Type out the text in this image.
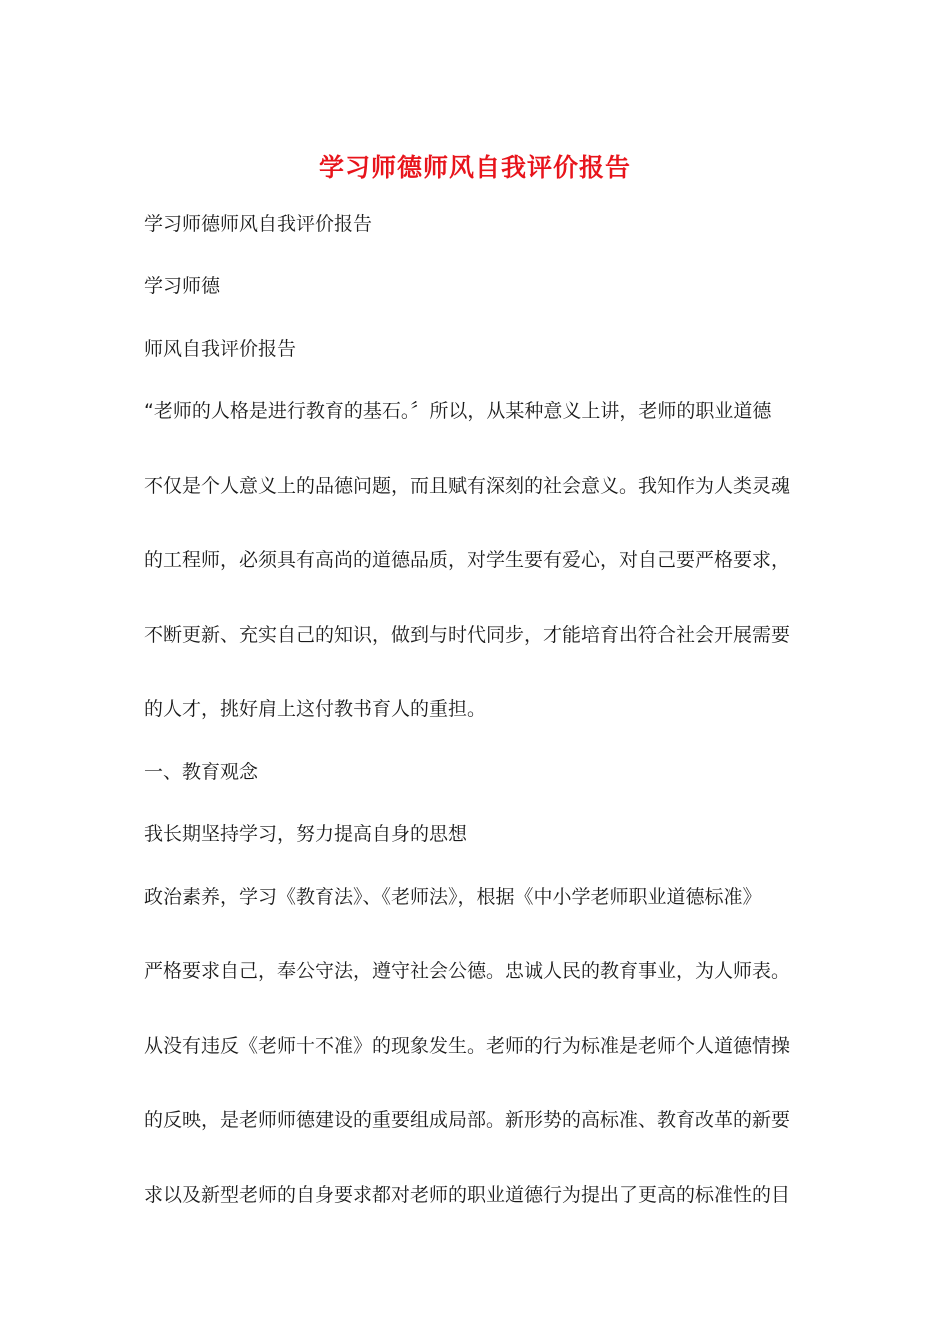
学习师德师风自我评价报告
学习师德师风自我评价报告
学习师德
师风自我评价报告
“老师的人格是进行教育的基石。〞所以，从某种意义上讲，老师的职业道德
不仅是个人意义上的品德问题，而且赋有深刻的社会意义。我知作为人类灵魂
的工程师，必须具有高尚的道德品质，对学生要有爱心，对自己要严格要求，
不断更新、充实自己的知识，做到与时代同步，才能培育出符合社会开展需要
的人才，挑好肩上这付教书育人的重担。
一、教育观念
我长期坚持学习，努力提高自身的思想
政治素养，学习《教育法》、《老师法》，根据《中小学老师职业道德标准》
严格要求自己，奉公守法，遵守社会公德。忠诚人民的教育事业，为人师表。
从没有违反《老师十不准》的现象发生。老师的行为标准是老师个人道德情操
的反映，是老师师德建设的重要组成局部。新形势的高标准、教育改革的新要
求以及新型老师的自身要求都对老师的职业道德行为提出了更高的标准性的目
